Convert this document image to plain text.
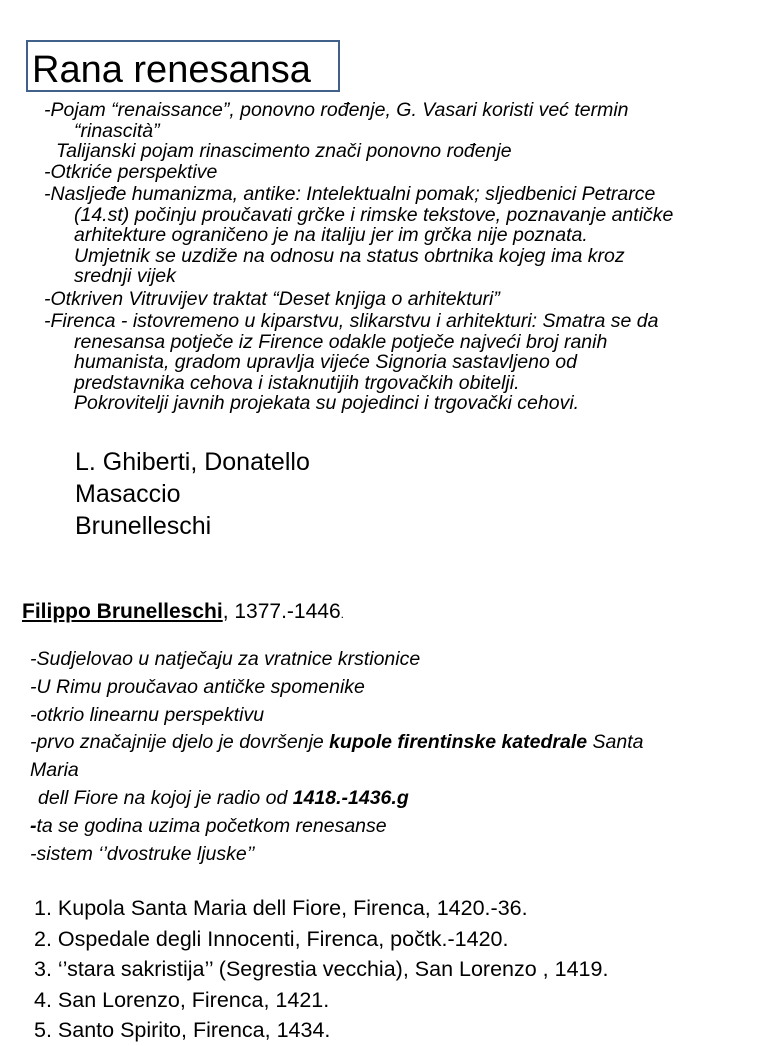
Rana renesansa

-Pojam “renaissance”, ponovno rođenje, G. Vasari koristi već termin
“rinascità”

Talijanski pojam rinascimento znači ponovno rođenje

-Otkriće perspektive

-Nasljeđe humanizma, antike: Intelektualni pomak; sljedbenici Petrarce
(14.st) počinju proučavati grčke i rimske tekstove, poznavanje antičke
arhitekture ograničeno je na italiju jer im grčka nije poznata.
Umjetnik se uzdiže na odnosu na status obrtnika kojeg ima kroz
srednji vijek

-Otkriven Vitruvijev traktat “Deset knjiga o arhitekturi”

-Firenca - istovremeno u kiparstvu, slikarstvu i arhitekturi: Smatra se da
renesansa potječe iz Firence odakle potječe najveći broj ranih
humanista, gradom upravlja vijeće Signoria sastavljeno od
predstavnika cehova i istaknutijih trgovačkih obitelji.
Pokrovitelji javnih projekata su pojedinci i trgovački cehovi.

L. Ghiberti, Donatello
Masaccio
Brunelleschi
Filippo Brunelleschi, 1377.-1446.

-Sudjelovao u natječaju za vratnice krstionice

-U Rimu proučavao antičke spomenike

-otkrio linearnu perspektivu

-prvo značajnije djelo je dovršenje kupole firentinske katedrale Santa

Maria

dell Fiore na kojoj je radio od 1418.-1436.g

-ta se godina uzima početkom renesanse

-sistem ‘’dvostruke ljuske’’

1. Kupola Santa Maria dell Fiore, Firenca, 1420.-36.
2. Ospedale degli Innocenti, Firenca, počtk.-1420.
3. ‘’stara sakristija’’ (Segrestia vecchia), San Lorenzo , 1419.
4. San Lorenzo, Firenca, 1421.
5. Santo Spirito, Firenca, 1434.
